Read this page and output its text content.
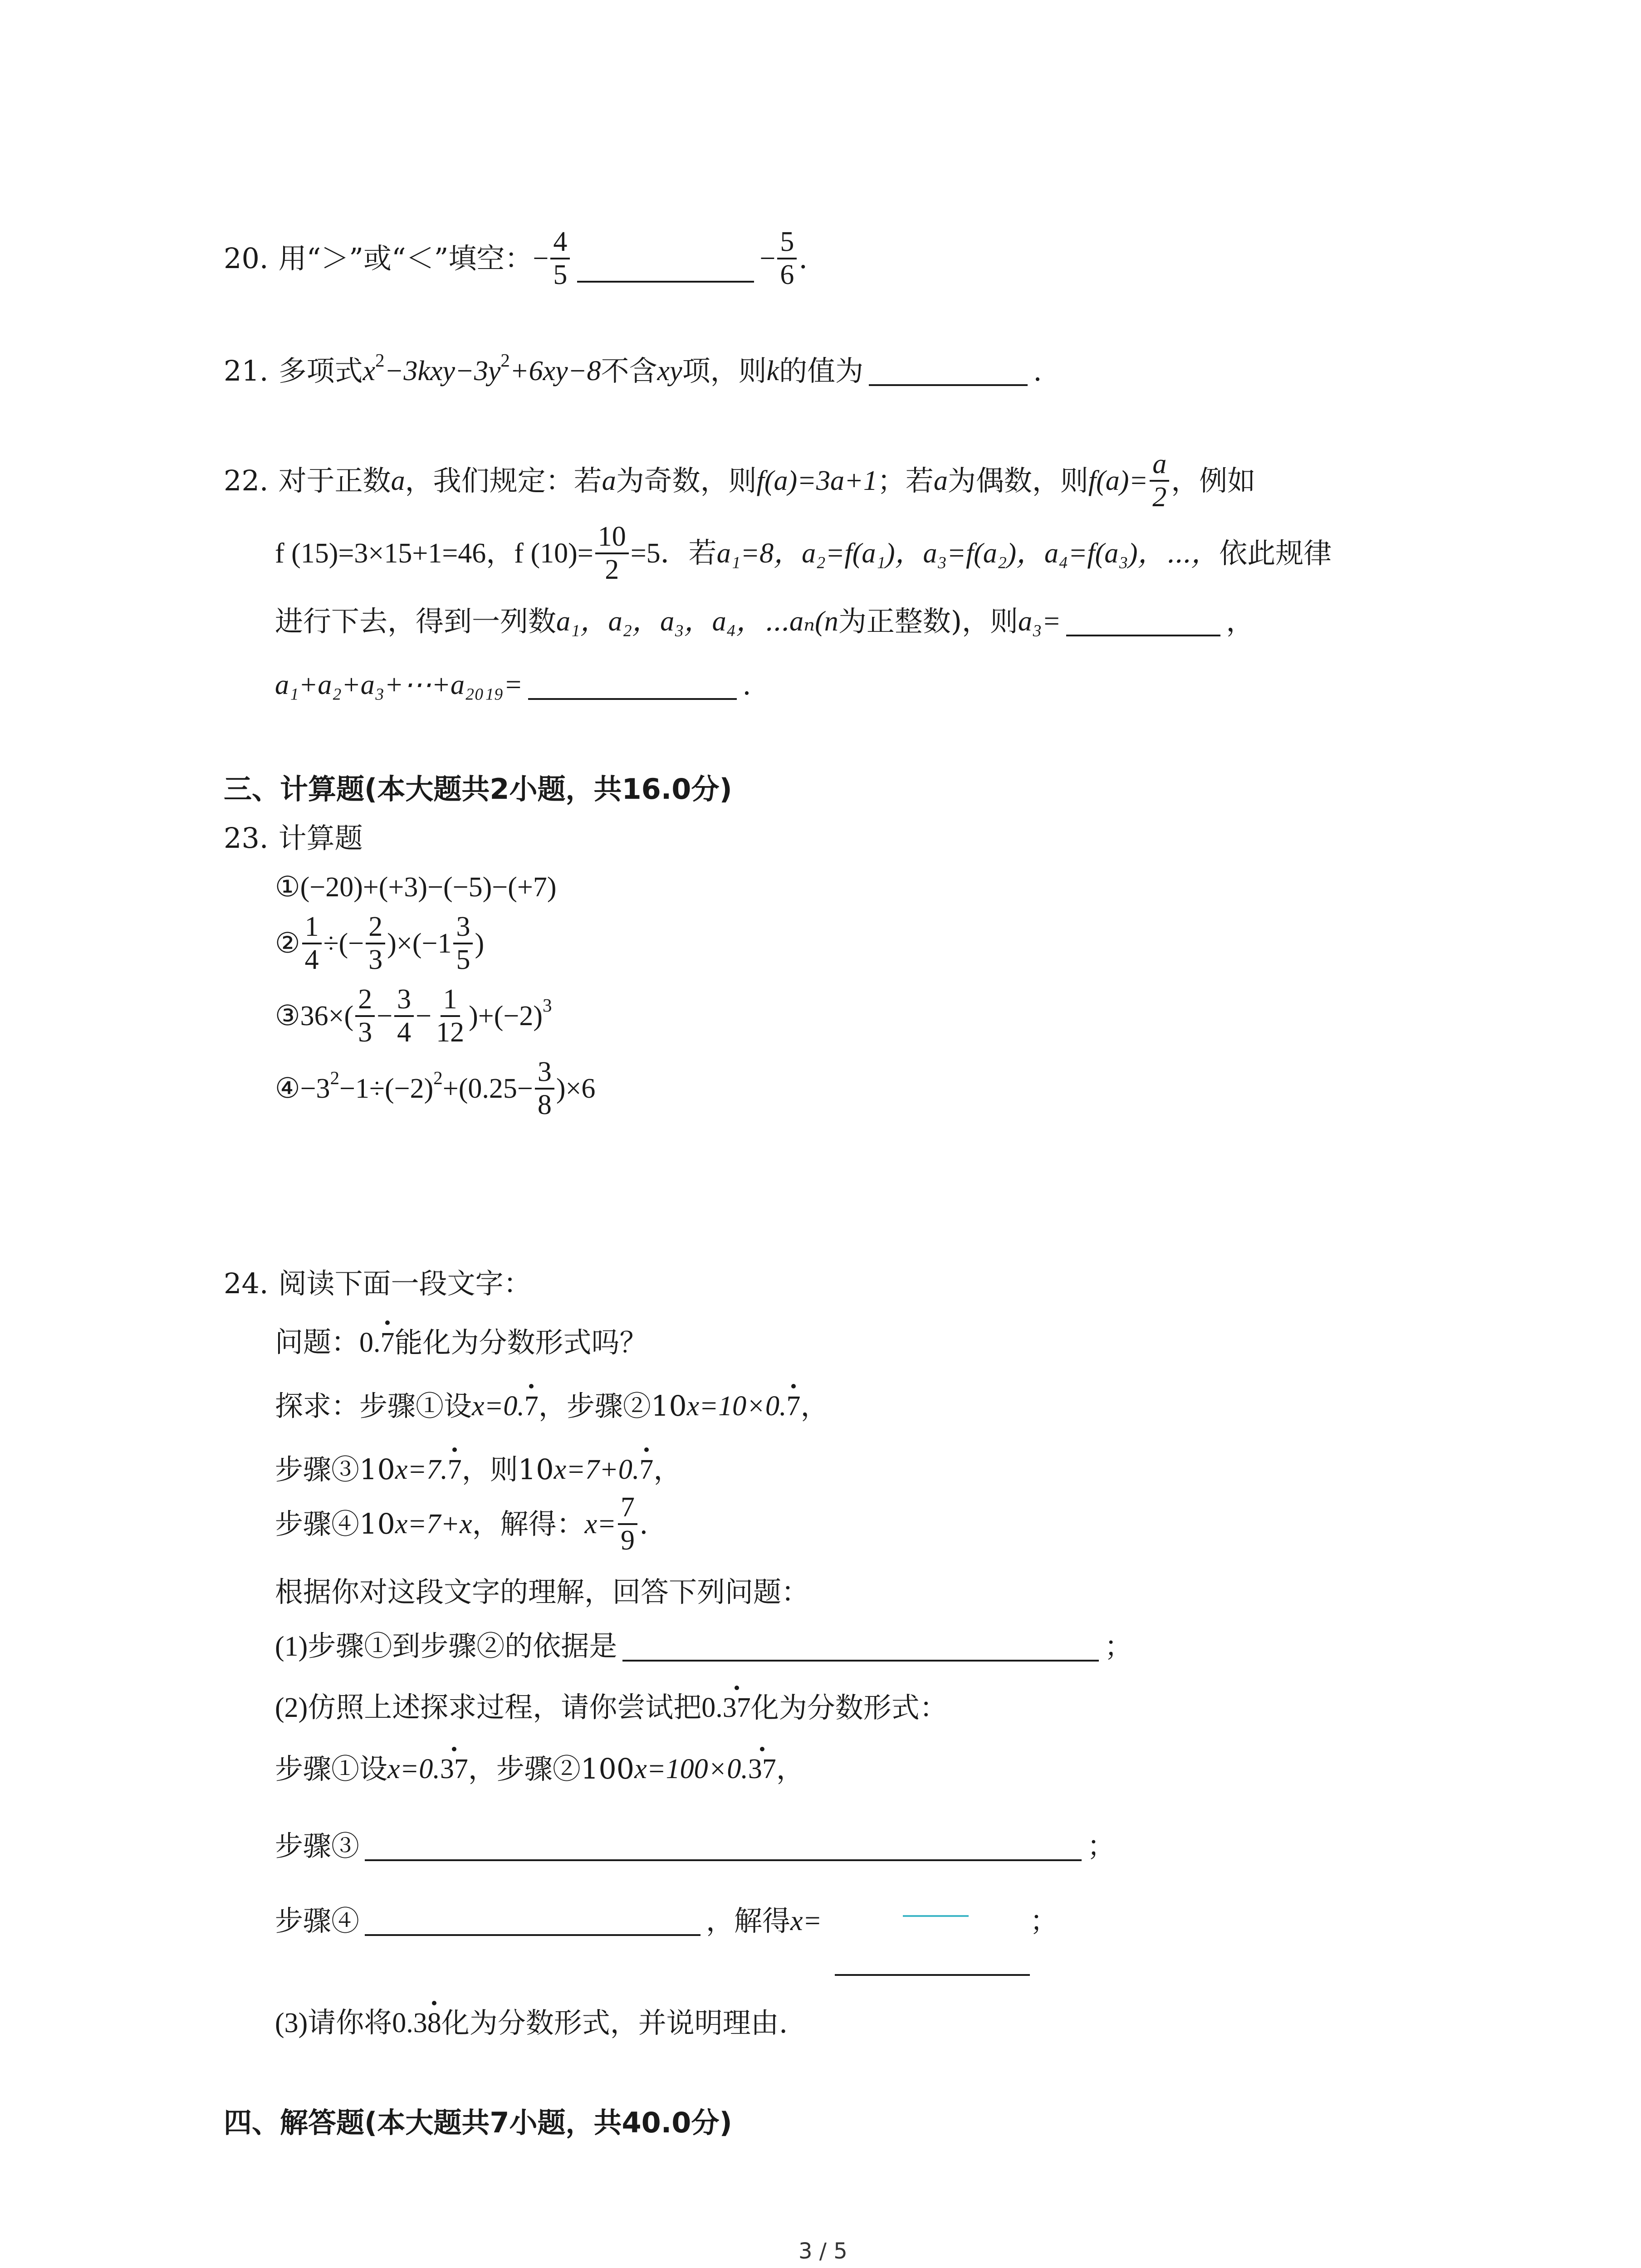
20. 用“＞”或“＜”填空： − $\frac{4}{5}$	− $\frac{5}{6}$ .
21. 多项式 x 2 −3kxy−3y 2 +6xy−8 不含 xy 项，则 k 的值为	.
22. 对于正数 a ，我们规定：若 a 为奇数，则 f(a)=3a+1 ；若 a 为偶数，则 $f(a)= \frac{a}{2}$ ，例如
f (15)=3×15+1=46，f $(10)= \frac{10}{2} =5$．若 a₁=8，a₂=f(a₁)，a₃=f(a₂)，a₄=f(a₃)，⋯， 依此规律
进行下去，得到一列数 a₁，a₂，a₃，a₄，⋯aₙ(n 为正整数)，则 a₃=	，
a₁+a₂+a₃+⋯+a₂₀₁₉=	.
三、计算题(本大题共2小题，共16.0分)
23. 计算题
①(−20)+(+3)−(−5)−(+7)
② $\frac{1}{4}$ ÷(− $\frac{2}{3} )\times(-1 \frac{3}{5}$ )
③36×( $\frac{2}{3} - \frac{3}{4} - \frac{1}{12} )+(-2)$ 3
④−3 2 −1÷(−2) $2 +(0.25- \frac{3}{8} )\times 6$
24. 阅读下面一段文字：
问题：0. 7 能化为分数形式吗？
探求：步骤①设 x=0. 7 ，步骤②10 x=10×0. 7 ，
步骤③10 x=7. 7 ，则10 x=7+0. 7 ，
步骤④10 x=7+x ，解得： $x= \frac{7}{9}$ .
根据你对这段文字的理解，回答下列问题：
(1)步骤①到步骤②的依据是	；
(2)仿照上述探求过程，请你尝试把0. 37 化为分数形式：
步骤①设 x=0. 37 ，步骤②100 x=100×0. 37 ，
步骤③	；
步骤④	，解得 x=	；
(3)请你将0.3 8 化为分数形式，并说明理由.
四、解答题(本大题共7小题，共40.0分)
3 / 5
